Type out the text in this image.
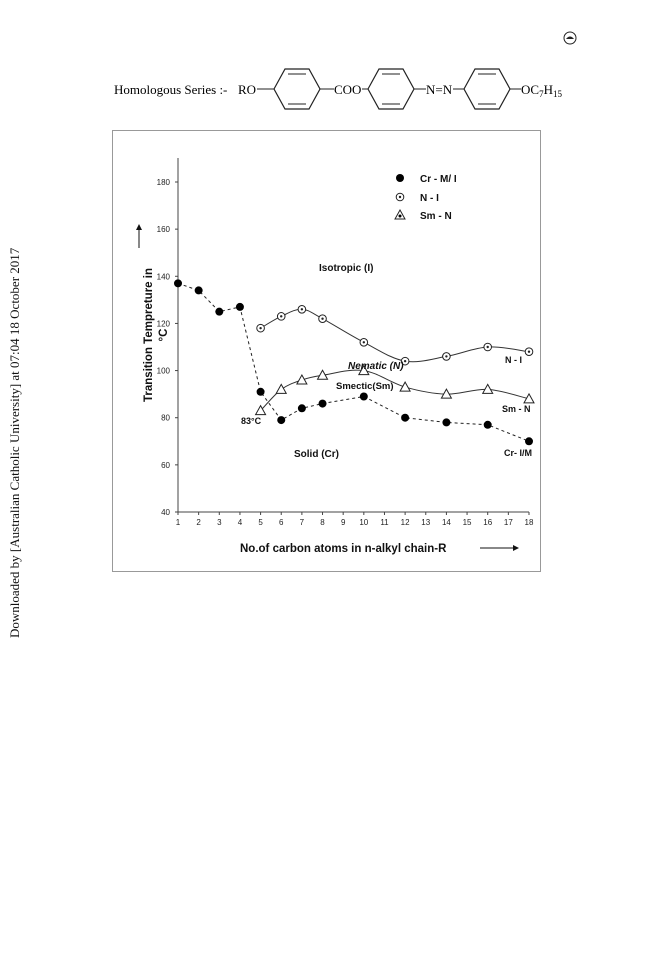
Downloaded by [Australian Catholic University] at 07:04 18 October 2017
Homologous Series :- RO	COO	N=N	$OC_7H_{15}$
1 2 3 4 5 6 7 8 9 10 11 12 13 14 15 16 17 18
40
60
80
100
120
140
160
180
No.of carbon atoms in n-alkyl chain-R
Transition Tempreture in °C
Cr - M/ I
N - I
Sm - N
Isotropic (I)
Nematic (N)
Smectic(Sm)
Solid (Cr)
83°C
N - I
Sm - N
Cr- I/M
